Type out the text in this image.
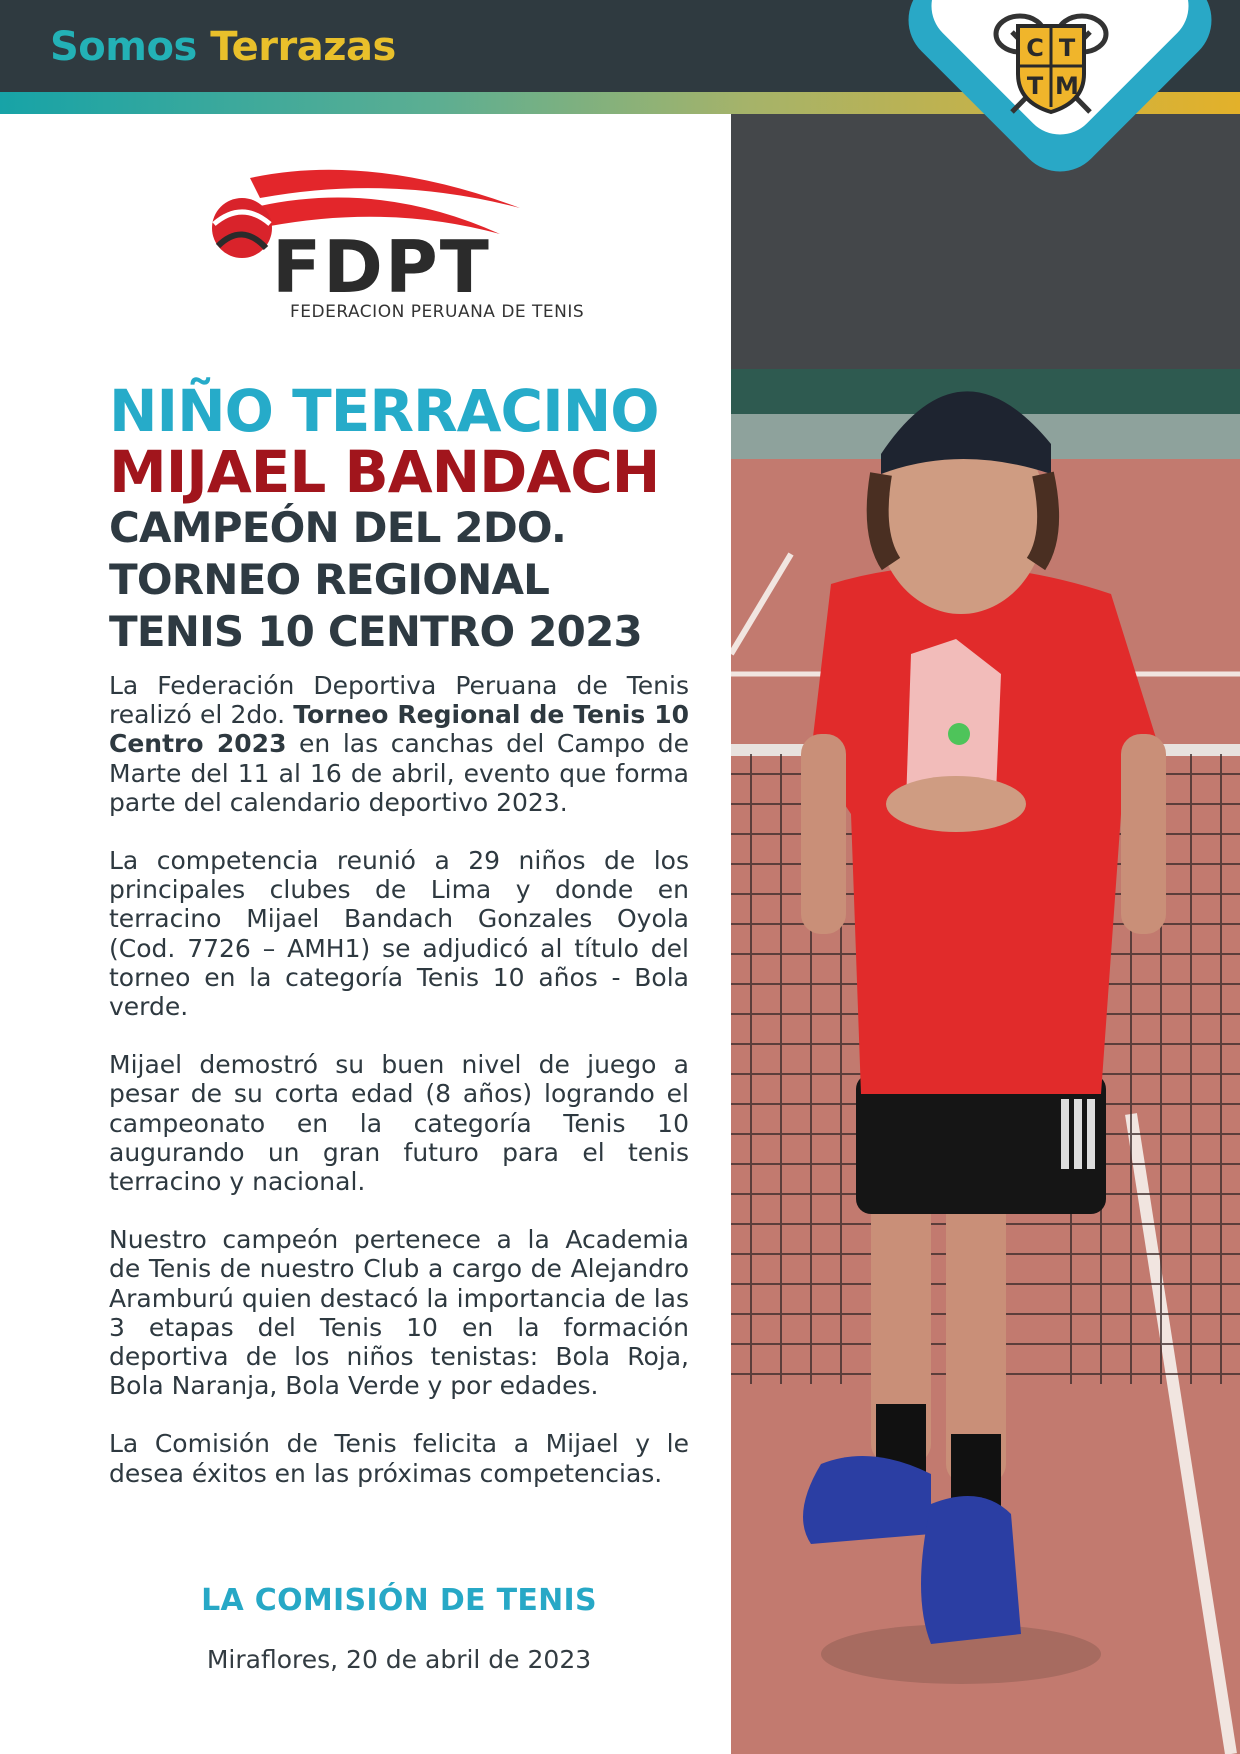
Somos Terrazas	C T
T M
FDPT
FEDERACION PERUANA DE TENIS
NIÑO TERRACINO
MIJAEL BANDACH
CAMPEÓN DEL 2DO.
TORNEO REGIONAL
TENIS 10 CENTRO 2023

La Federación Deportiva Peruana de Tenis realizó el 2do. Torneo Regional de Tenis 10 Centro 2023 en las canchas del Campo de Marte del 11 al 16 de abril, evento que forma parte del calendario deportivo 2023.

La competencia reunió a 29 niños de los principales clubes de Lima y donde en terracino Mijael Bandach Gonzales Oyola (Cod. 7726 – AMH1) se adjudicó al título del torneo en la categoría Tenis 10 años - Bola verde.

Mijael demostró su buen nivel de juego a pesar de su corta edad (8 años) logrando el campeonato en la categoría Tenis 10 augurando un gran futuro para el tenis terracino y nacional.

Nuestro campeón pertenece a la Academia de Tenis de nuestro Club a cargo de Alejandro Aramburú quien destacó la importancia de las 3 etapas del Tenis 10 en la formación deportiva de los niños tenistas: Bola Roja, Bola Naranja, Bola Verde y por edades.

La Comisión de Tenis felicita a Mijael y le desea éxitos en las próximas competencias.

LA COMISIÓN DE TENIS
Miraflores, 20 de abril de 2023
